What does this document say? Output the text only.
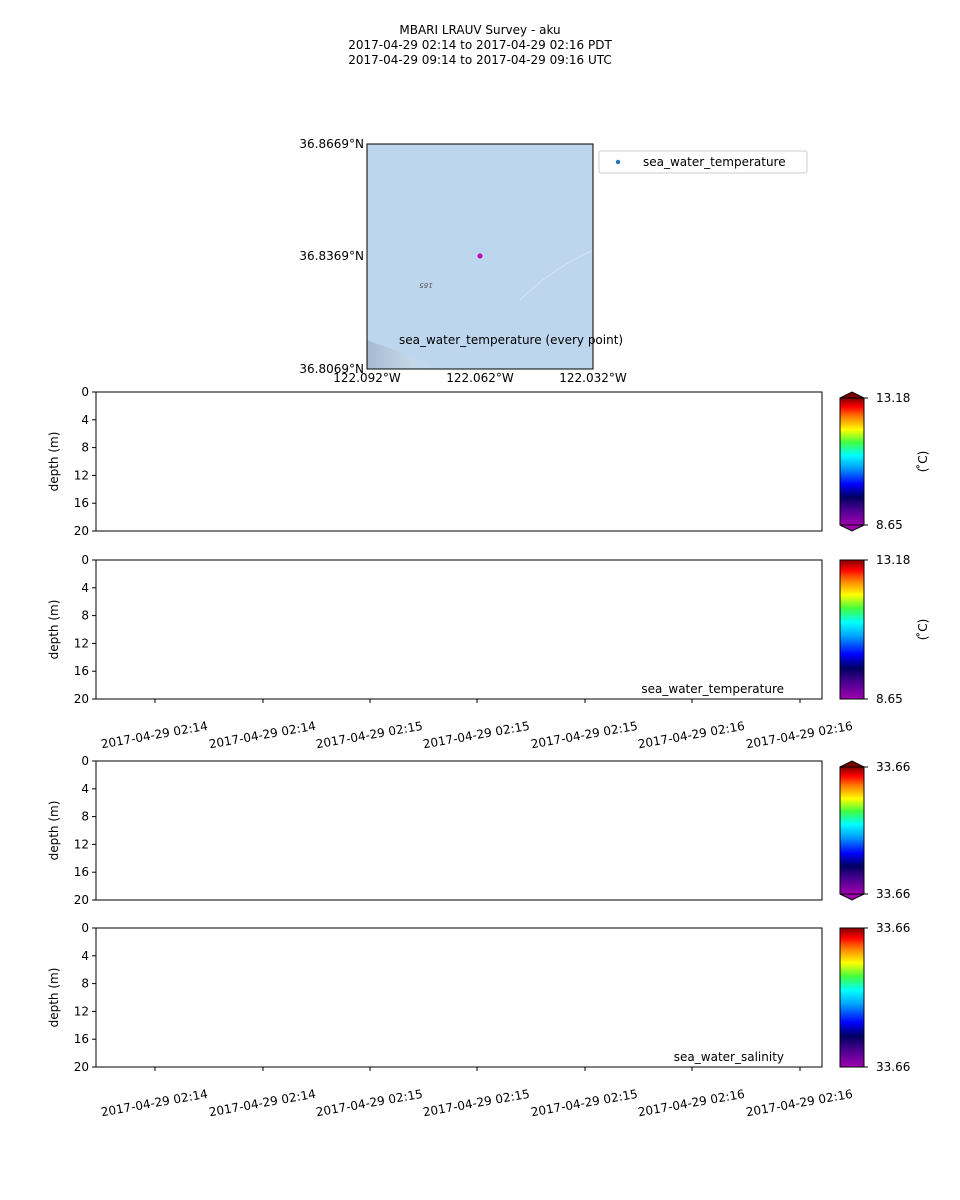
MBARI LRAUV Survey - aku
2017-04-29 02:14 to 2017-04-29 02:16 PDT
2017-04-29 09:14 to 2017-04-29 09:16 UTC
165
36.8669°N
36.8369°N
36.8069°N
122.092°W	122.062°W	122.032°W
sea_water_temperature (every point)
sea_water_temperature
0
4
8
12
16
20
depth (m)
13.18
8.65
( ̊C)
0
4
8
12
16
20
depth (m)
2017-04-29 02:14 2017-04-29 02:14
2017-04-29 02:15
2017-04-29 02:15 2017-04-29 02:15
2017-04-29 02:16 2017-04-29 02:16
sea_water_temperature
13.18
8.65
( ̊C)
0
4
8
12
16
20
depth (m)
33.66
33.66
0
4
8
12
16
20
depth (m)
2017-04-29 02:14 2017-04-29 02:14
2017-04-29 02:15
2017-04-29 02:15 2017-04-29 02:15
2017-04-29 02:16 2017-04-29 02:16
sea_water_salinity
33.66
33.66
